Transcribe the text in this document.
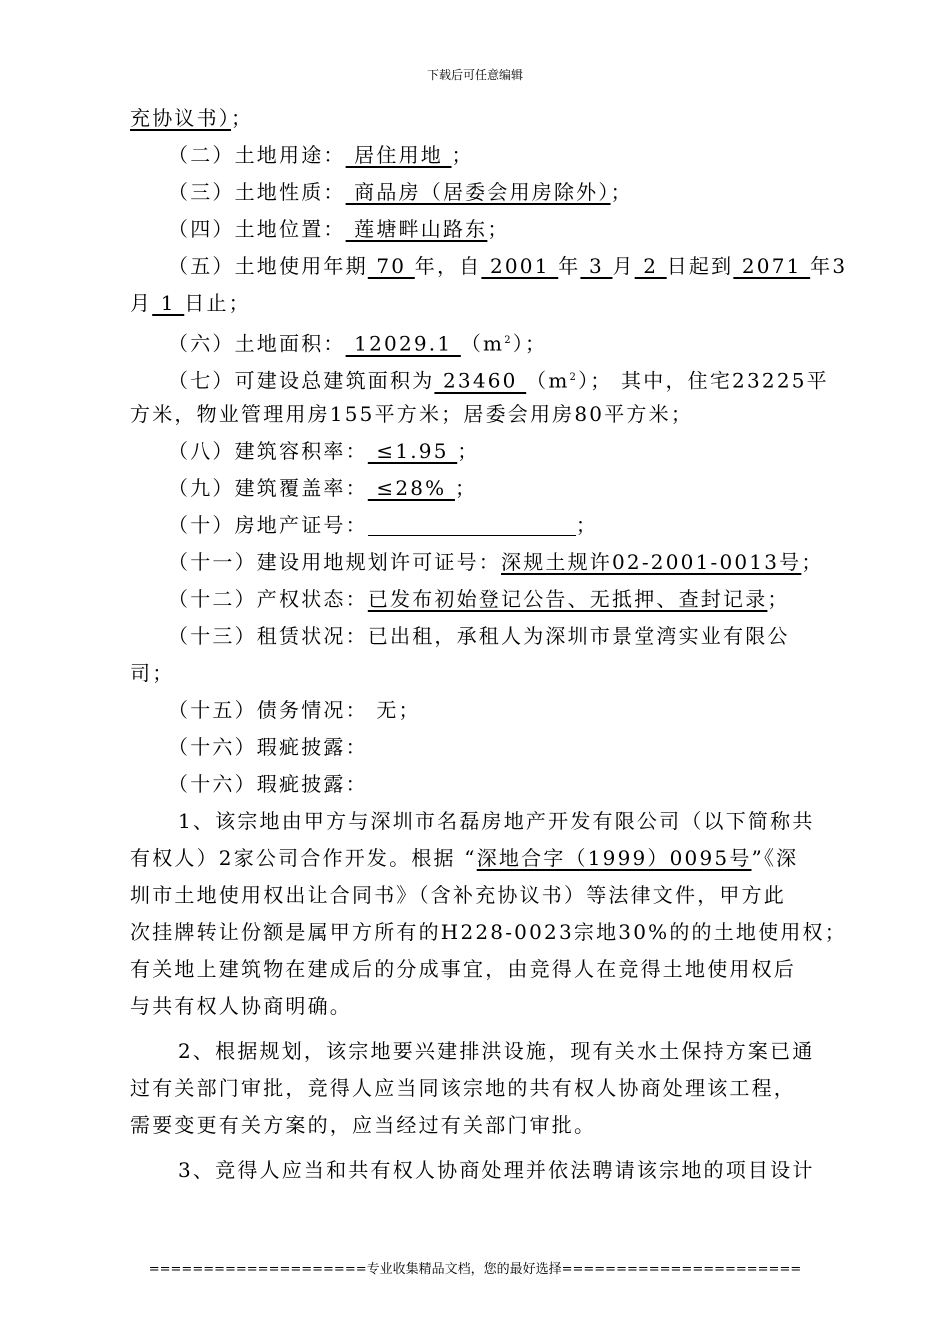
下载后可任意编辑
充协议书）；
（二）土地用途： 居住用地 ；
（三）土地性质： 商品房（居委会用房除外）；
（四）土地位置： 莲塘畔山路东；
（五）土地使用年期 70 年，自 2001 年 3 月 2 日起到 2071 年3
月 1 日止；
（六）土地面积： 12029.1 $(m^2)$；
（七）可建设总建筑面积为 23460 $(m^2)$； 其中，住宅23225平
方米，物业管理用房155平方米；居委会用房80平方米；
（八）建筑容积率： ≤1.95 ；
（九）建筑覆盖率： ≤28% ；
（十）房地产证号：	；
（十一）建设用地规划许可证号：深规土规许02-2001-0013号；
（十二）产权状态：已发布初始登记公告、无抵押、查封记录；
（十三）租赁状况：已出租，承租人为深圳市景堂湾实业有限公
司；
（十五）债务情况： 无；
（十六）瑕疵披露：
（十六）瑕疵披露：
1、该宗地由甲方与深圳市名磊房地产开发有限公司（以下简称共
有权人）2家公司合作开发。根据 “深地合字（1999）0095号”《深
圳市土地使用权出让合同书》（含补充协议书）等法律文件，甲方此
次挂牌转让份额是属甲方所有的H228-0023宗地30%的的土地使用权；
有关地上建筑物在建成后的分成事宜，由竞得人在竞得土地使用权后
与共有权人协商明确。
2、根据规划，该宗地要兴建排洪设施，现有关水土保持方案已通
过有关部门审批，竞得人应当同该宗地的共有权人协商处理该工程，
需要变更有关方案的，应当经过有关部门审批。
3、竞得人应当和共有权人协商处理并依法聘请该宗地的项目设计
====================专业收集精品文档，您的最好选择======================
